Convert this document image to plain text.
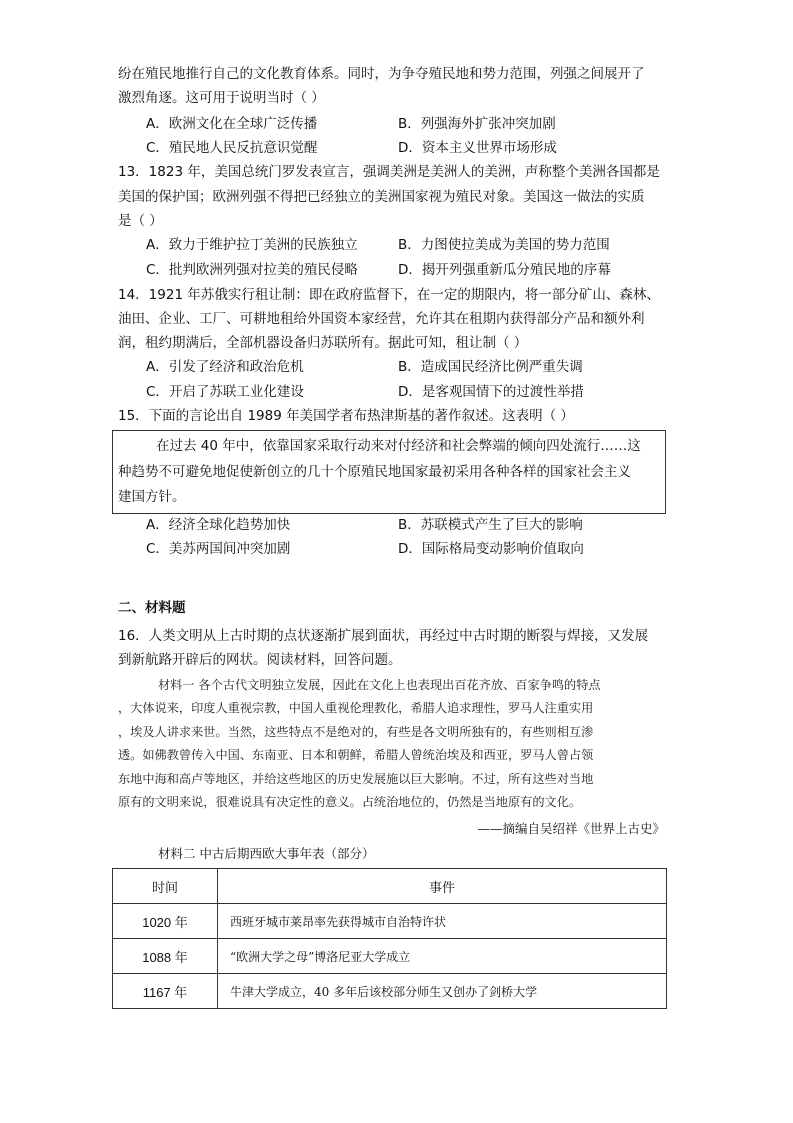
纷在殖民地推行自己的文化教育体系。同时，为争夺殖民地和势力范围，列强之间展开了
激烈角逐。这可用于说明当时（ ）
A．欧洲文化在全球广泛传播	B．列强海外扩张冲突加剧
C．殖民地人民反抗意识觉醒	D．资本主义世界市场形成
13．1823 年，美国总统门罗发表宣言，强调美洲是美洲人的美洲，声称整个美洲各国都是
美国的保护国；欧洲列强不得把已经独立的美洲国家视为殖民对象。美国这一做法的实质
是（ ）
A．致力于维护拉丁美洲的民族独立	B．力图使拉美成为美国的势力范围
C．批判欧洲列强对拉美的殖民侵略	D．揭开列强重新瓜分殖民地的序幕
14．1921 年苏俄实行租让制：即在政府监督下，在一定的期限内，将一部分矿山、森林、
油田、企业、工厂、可耕地租给外国资本家经营，允许其在租期内获得部分产品和额外利
润，租约期满后，全部机器设备归苏联所有。据此可知，租让制（ ）
A．引发了经济和政治危机	B．造成国民经济比例严重失调
C．开启了苏联工业化建设	D．是客观国情下的过渡性举措
15．下面的言论出自 1989 年美国学者布热津斯基的著作叙述。这表明（ ）
在过去 40 年中，依靠国家采取行动来对付经济和社会弊端的倾向四处流行……这
种趋势不可避免地促使新创立的几十个原殖民地国家最初采用各种各样的国家社会主义
建国方针。
A．经济全球化趋势加快	B．苏联模式产生了巨大的影响
C．美苏两国间冲突加剧	D．国际格局变动影响价值取向
二、材料题
16．人类文明从上古时期的点状逐渐扩展到面状，再经过中古时期的断裂与焊接，又发展
到新航路开辟后的网状。阅读材料，回答问题。
材料一 各个古代文明独立发展，因此在文化上也表现出百花齐放、百家争鸣的特点
，大体说来，印度人重视宗教，中国人重视伦理教化，希腊人追求理性，罗马人注重实用
，埃及人讲求来世。当然，这些特点不是绝对的，有些是各文明所独有的，有些则相互渗
透。如佛教曾传入中国、东南亚、日本和朝鲜，希腊人曾统治埃及和西亚，罗马人曾占领
东地中海和高卢等地区，并给这些地区的历史发展施以巨大影响。不过，所有这些对当地
原有的文明来说，很难说具有决定性的意义。占统治地位的，仍然是当地原有的文化。
——摘编自吴绍祥《世界上古史》
材料二 中古后期西欧大事年表（部分）
时间	事件
1020 年	西班牙城市莱昂率先获得城市自治特许状
1088 年	“欧洲大学之母”博洛尼亚大学成立
1167 年	牛津大学成立，40 多年后该校部分师生又创办了剑桥大学
